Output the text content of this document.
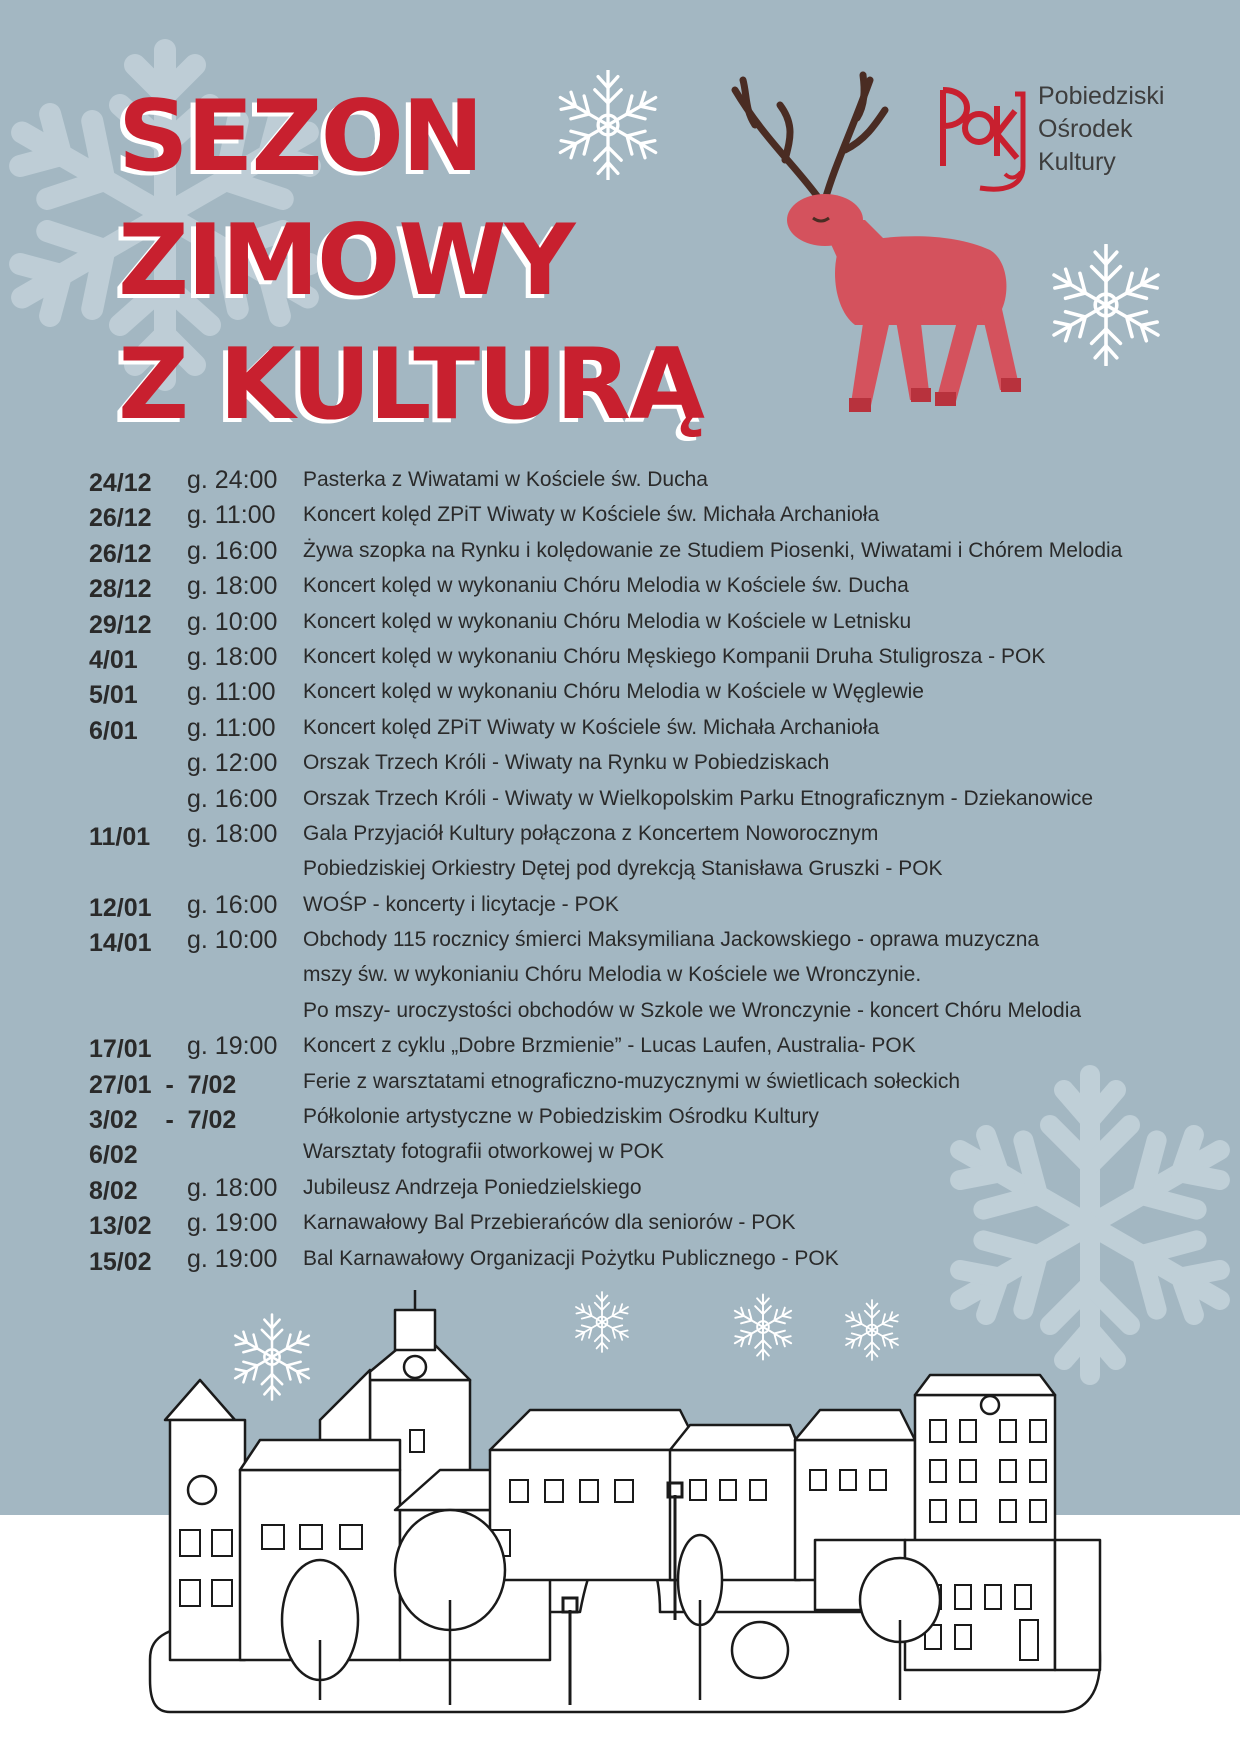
SEZON
ZIMOWY
Z KULTURĄ
Pobiedziski
Ośrodek
Kultury
24/12 g. 24:00 Pasterka z Wiwatami w Kościele św. Ducha
26/12 g. 11:00 Koncert kolęd ZPiT Wiwaty w Kościele św. Michała Archanioła
26/12 g. 16:00 Żywa szopka na Rynku i kolędowanie ze Studiem Piosenki, Wiwatami i Chórem Melodia
28/12 g. 18:00 Koncert kolęd w wykonaniu Chóru Melodia w Kościele św. Ducha
29/12 g. 10:00 Koncert kolęd w wykonaniu Chóru Melodia w Kościele w Letnisku
4/01 g. 18:00 Koncert kolęd w wykonaniu Chóru Męskiego Kompanii Druha Stuligrosza - POK
5/01 g. 11:00 Koncert kolęd w wykonaniu Chóru Melodia w Kościele w Węglewie
6/01 g. 11:00 Koncert kolęd ZPiT Wiwaty w Kościele św. Michała Archanioła
g. 12:00 Orszak Trzech Króli - Wiwaty na Rynku w Pobiedziskach
g. 16:00 Orszak Trzech Króli - Wiwaty w Wielkopolskim Parku Etnograficznym - Dziekanowice
11/01 g. 18:00 Gala Przyjaciół Kultury połączona z Koncertem Noworocznym
Pobiedziskiej Orkiestry Dętej pod dyrekcją Stanisława Gruszki - POK
12/01 g. 16:00 WOŚP - koncerty i licytacje - POK
14/01 g. 10:00 Obchody 115 rocznicy śmierci Maksymiliana Jackowskiego - oprawa muzyczna
mszy św. w wykonianiu Chóru Melodia w Kościele we Wronczynie.
Po mszy- uroczystości obchodów w Szkole we Wronczynie - koncert Chóru Melodia
17/01 g. 19:00 Koncert z cyklu „Dobre Brzmienie” - Lucas Laufen, Australia- POK
27/01  -  7/02	Ferie z warsztatami etnograficzno-muzycznymi w świetlicach sołeckich
3/02    -  7/02	Półkolonie artystyczne w Pobiedziskim Ośrodku Kultury
6/02	Warsztaty fotografii otworkowej w POK
8/02 g. 18:00 Jubileusz Andrzeja Poniedzielskiego
13/02 g. 19:00 Karnawałowy Bal Przebierańców dla seniorów - POK
15/02 g. 19:00 Bal Karnawałowy Organizacji Pożytku Publicznego - POK
